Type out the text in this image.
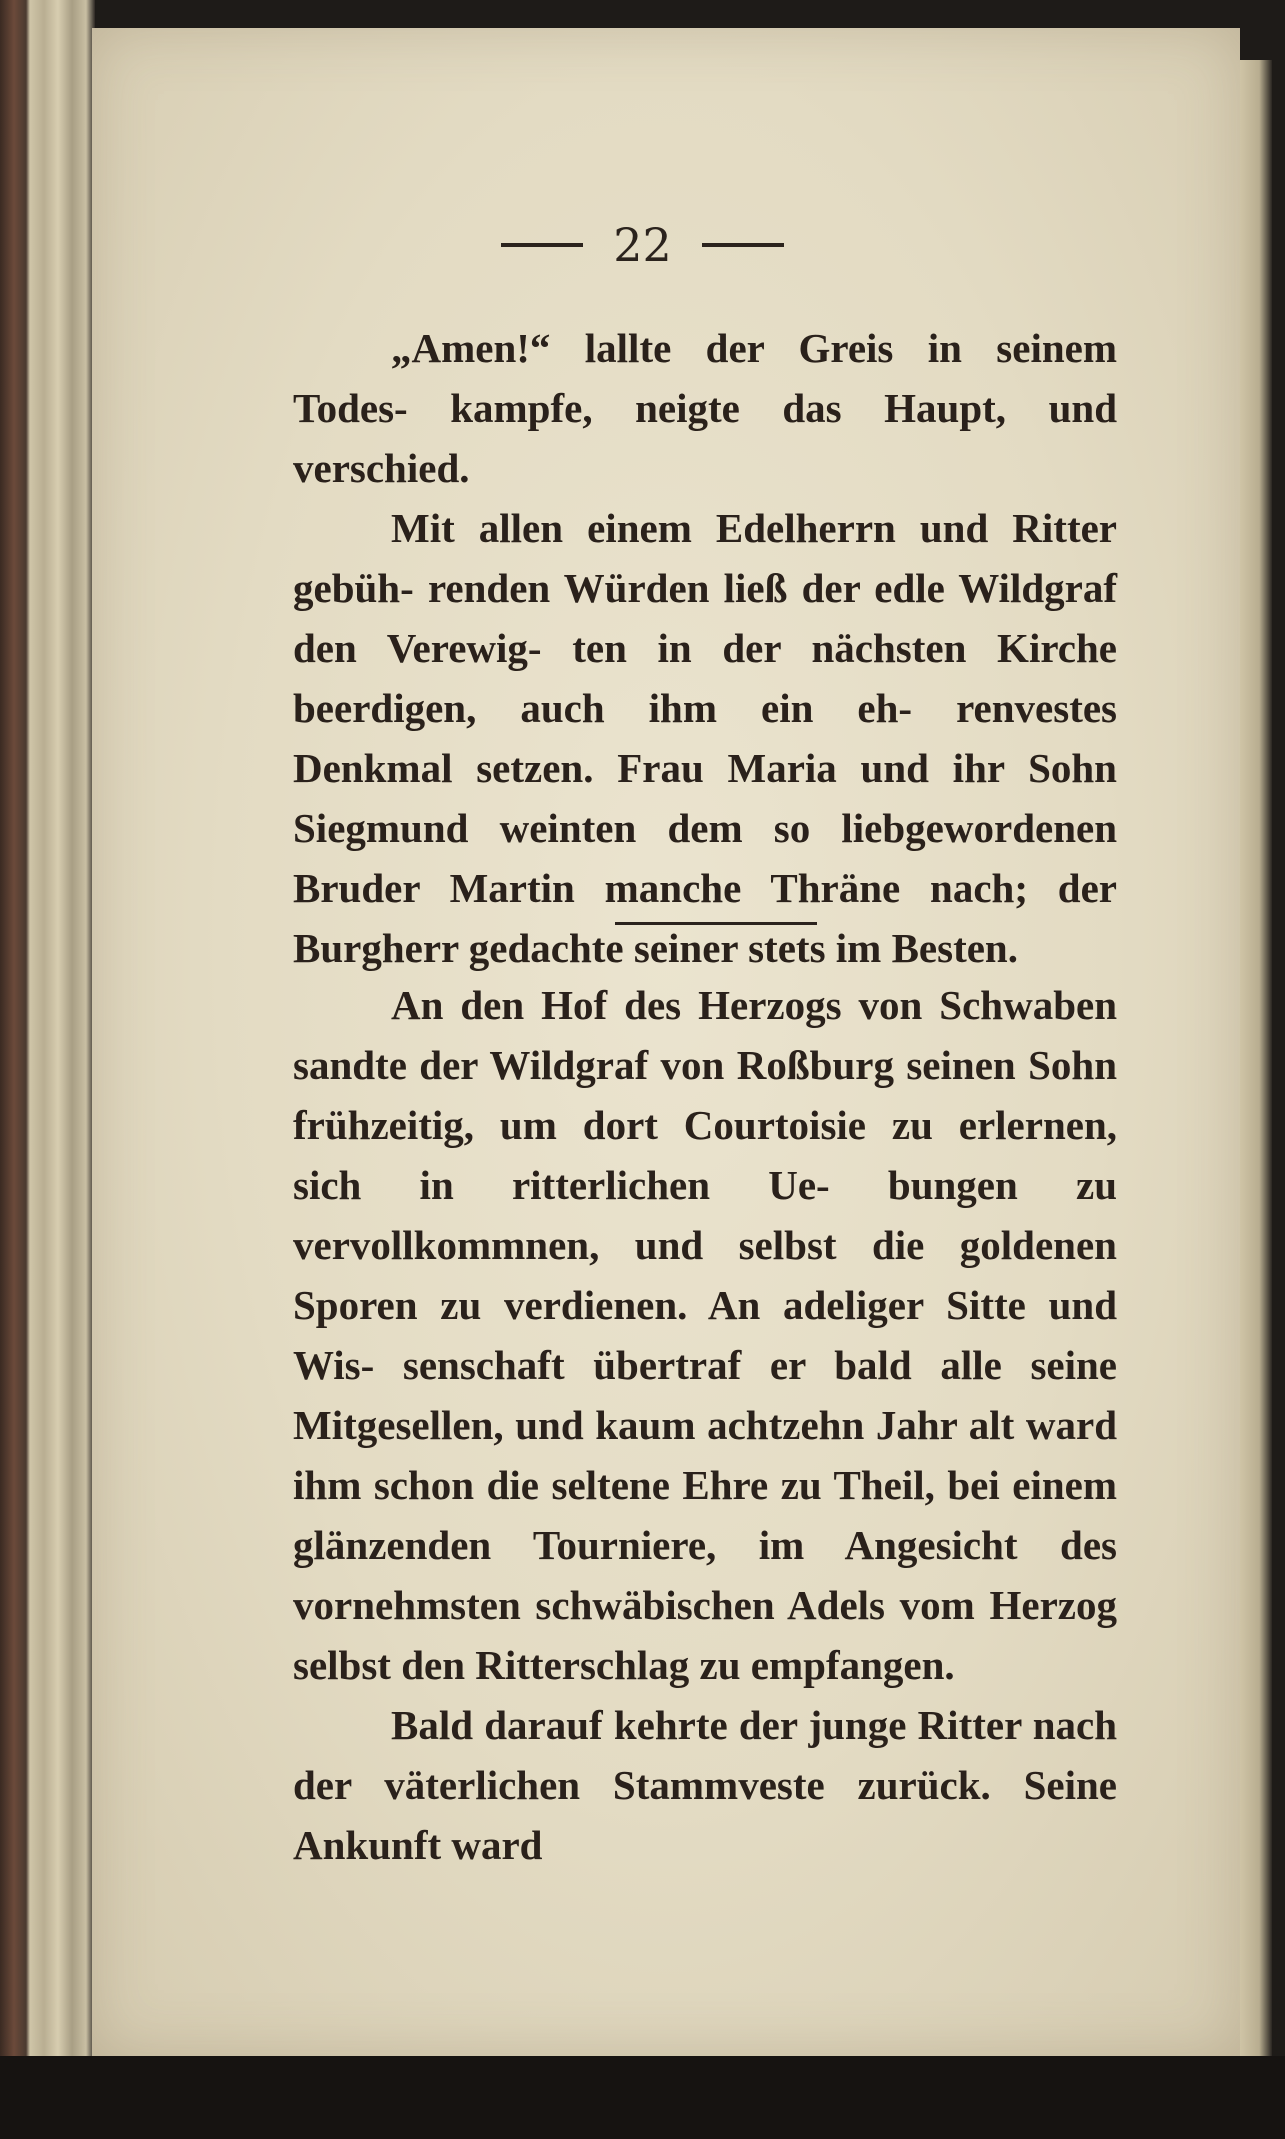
22

„Amen!“ lallte der Greis in seinem Todes- kampfe, neigte das Haupt, und verschied.

Mit allen einem Edelherrn und Ritter gebüh- renden Würden ließ der edle Wildgraf den Verewig- ten in der nächsten Kirche beerdigen, auch ihm ein eh- renvestes Denkmal setzen. Frau Maria und ihr Sohn Siegmund weinten dem so liebgewordenen Bruder Martin manche Thräne nach; der Burgherr gedachte seiner stets im Besten.

An den Hof des Herzogs von Schwaben sandte der Wildgraf von Roßburg seinen Sohn frühzeitig, um dort Courtoisie zu erlernen, sich in ritterlichen Ue- bungen zu vervollkommnen, und selbst die goldenen Sporen zu verdienen. An adeliger Sitte und Wis- senschaft übertraf er bald alle seine Mitgesellen, und kaum achtzehn Jahr alt ward ihm schon die seltene Ehre zu Theil, bei einem glänzenden Tourniere, im Angesicht des vornehmsten schwäbischen Adels vom Herzog selbst den Ritterschlag zu empfangen.

Bald darauf kehrte der junge Ritter nach der väterlichen Stammveste zurück. Seine Ankunft ward
